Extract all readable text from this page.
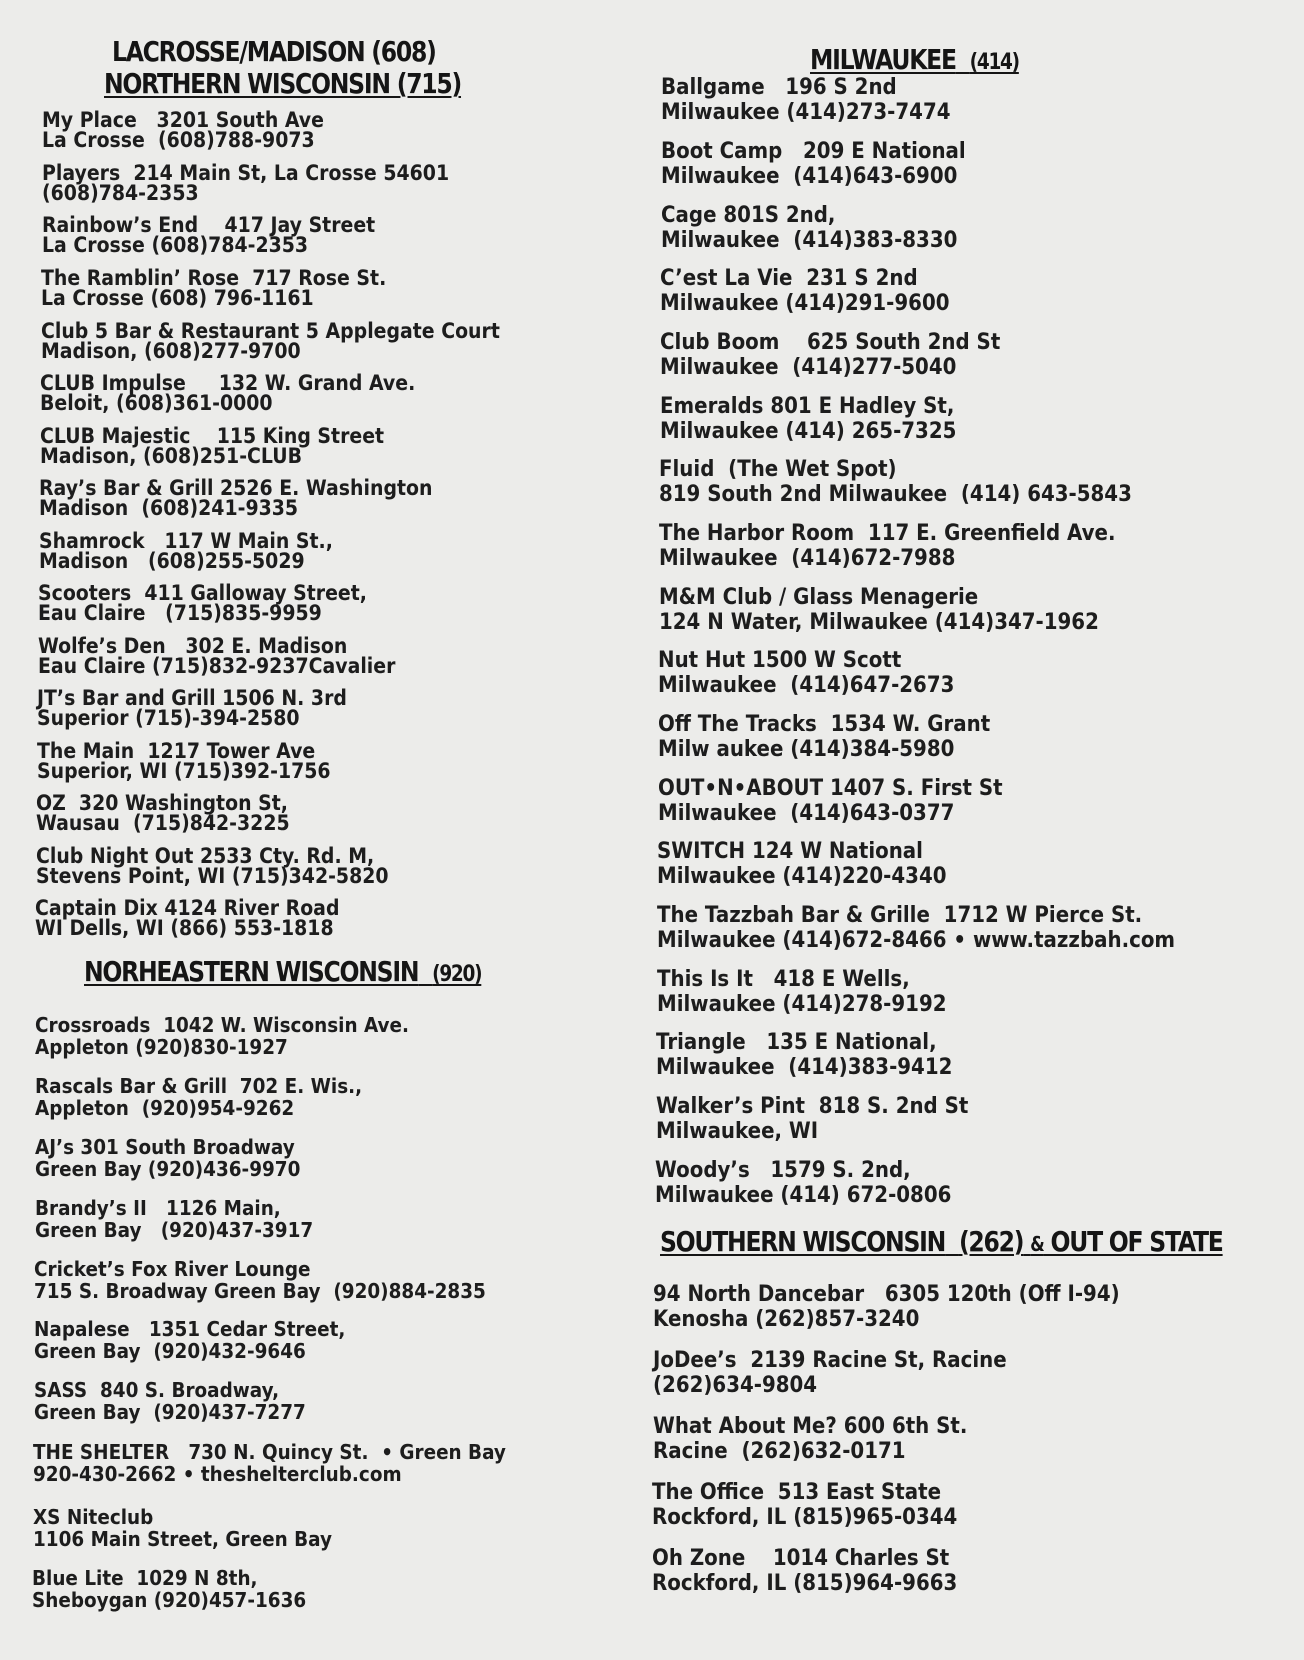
LACROSSE/MADISON (608)
NORTHERN WISCONSIN (715)
My Place   3201 South Ave
La Crosse  (608)788-9073
Players  214 Main St, La Crosse 54601
(608)784-2353
Rainbow’s End    417 Jay Street
La Crosse (608)784-2353
The Ramblin’ Rose  717 Rose St.
La Crosse (608) 796-1161
Club 5 Bar & Restaurant 5 Applegate Court
Madison, (608)277-9700
CLUB Impulse     132 W. Grand Ave.
Beloit, (608)361-0000
CLUB Majestic    115 King Street
Madison, (608)251-CLUB
Ray’s Bar & Grill 2526 E. Washington
Madison  (608)241-9335
Shamrock   117 W Main St.,
Madison   (608)255-5029
Scooters  411 Galloway Street,
Eau Claire   (715)835-9959
Wolfe’s Den   302 E. Madison
Eau Claire (715)832-9237Cavalier
JT’s Bar and Grill 1506 N. 3rd
Superior (715)-394-2580
The Main  1217 Tower Ave
Superior, WI (715)392-1756
OZ  320 Washington St,
Wausau  (715)842-3225
Club Night Out 2533 Cty. Rd. M,
Stevens Point, WI (715)342-5820
Captain Dix 4124 River Road
WI Dells, WI (866) 553-1818
NORHEASTERN WISCONSIN (920)
Crossroads  1042 W. Wisconsin Ave.
Appleton (920)830-1927
Rascals Bar & Grill  702 E. Wis.,
Appleton  (920)954-9262
AJ’s 301 South Broadway
Green Bay (920)436-9970
Brandy’s II   1126 Main,
Green Bay   (920)437-3917
Cricket’s Fox River Lounge
715 S. Broadway Green Bay  (920)884-2835
Napalese   1351 Cedar Street,
Green Bay  (920)432-9646
SASS  840 S. Broadway,
Green Bay  (920)437-7277
THE SHELTER   730 N. Quincy St.  • Green Bay
920-430-2662 • theshelterclub.com
XS Niteclub
1106 Main Street, Green Bay
Blue Lite  1029 N 8th,
Sheboygan (920)457-1636
MILWAUKEE (414)
Ballgame   196 S 2nd
Milwaukee (414)273-7474
Boot Camp   209 E National
Milwaukee  (414)643-6900
Cage 801S 2nd,
Milwaukee  (414)383-8330
C’est La Vie  231 S 2nd
Milwaukee (414)291-9600
Club Boom    625 South 2nd St
Milwaukee  (414)277-5040
Emeralds 801 E Hadley St,
Milwaukee (414) 265-7325
Fluid  (The Wet Spot)
819 South 2nd Milwaukee  (414) 643-5843
The Harbor Room  117 E. Greenfield Ave.
Milwaukee  (414)672-7988
M&M Club / Glass Menagerie
124 N Water, Milwaukee (414)347-1962
Nut Hut 1500 W Scott
Milwaukee  (414)647-2673
Off The Tracks  1534 W. Grant
Milw aukee (414)384-5980
OUT•N•ABOUT 1407 S. First St
Milwaukee  (414)643-0377
SWITCH 124 W National
Milwaukee (414)220-4340
The Tazzbah Bar & Grille  1712 W Pierce St.
Milwaukee (414)672-8466 • www.tazzbah.com
This Is It   418 E Wells,
Milwaukee (414)278-9192
Triangle   135 E National,
Milwaukee  (414)383-9412
Walker’s Pint  818 S. 2nd St
Milwaukee, WI
Woody’s   1579 S. 2nd,
Milwaukee (414) 672-0806
SOUTHERN WISCONSIN (262) & OUT OF STATE
94 North Dancebar   6305 120th (Off I-94)
Kenosha (262)857-3240
JoDee’s  2139 Racine St, Racine
(262)634-9804
What About Me? 600 6th St.
Racine  (262)632-0171
The Office  513 East State
Rockford, IL (815)965-0344
Oh Zone    1014 Charles St
Rockford, IL (815)964-9663
